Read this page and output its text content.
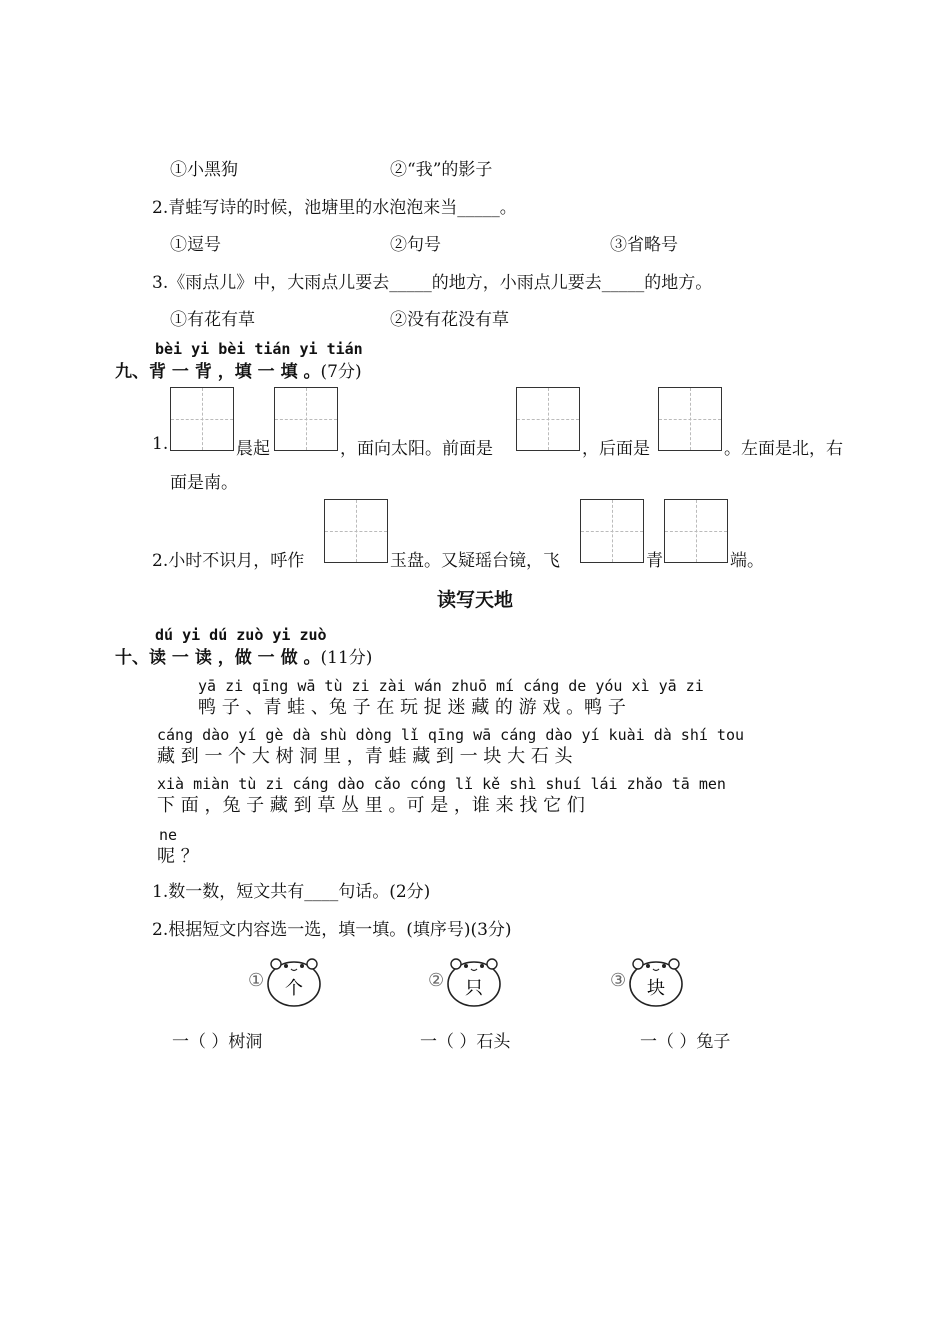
①小黑狗	②“我”的影子
2.青蛙写诗的时候，池塘里的水泡泡来当_____。
①逗号	②句号	③省略号
3.《雨点儿》中，大雨点儿要去_____的地方，小雨点儿要去_____的地方。
①有花有草	②没有花没有草
bèi yi bèi tián yi tián
九、背 一 背 ，填 一 填 。(7分)
1.	晨起	，面向太阳。前面是	，后面是	。左面是北，右
面是南。
2.小时不识月，呼作	玉盘。又疑瑶台镜，飞	青	端。
读写天地
dú yi dú zuò yi zuò
十、读 一 读 ，做 一 做 。(11分)
yā zi qīng wā tù zi zài wán zhuō mí cáng de yóu xì yā zi
鸭 子 、青 蛙 、兔 子 在 玩 捉 迷 藏 的 游 戏 。鸭 子
cáng dào yí gè dà shù dòng lǐ qīng wā cáng dào yí kuài dà shí tou
藏 到 一 个 大 树 洞 里 ，青 蛙 藏 到 一 块 大 石 头
xià miàn tù zi cáng dào cǎo cóng lǐ kě shì shuí lái zhǎo tā men
下 面 ，兔 子 藏 到 草 丛 里 。可 是 ，谁 来 找 它 们
ne
呢 ？
1.数一数，短文共有____句话。(2分)
2.根据短文内容选一选，填一填。(填序号)(3分)
① 个	② 只	③ 块
一（ ）树洞	一（ ）石头	一（ ）兔子
